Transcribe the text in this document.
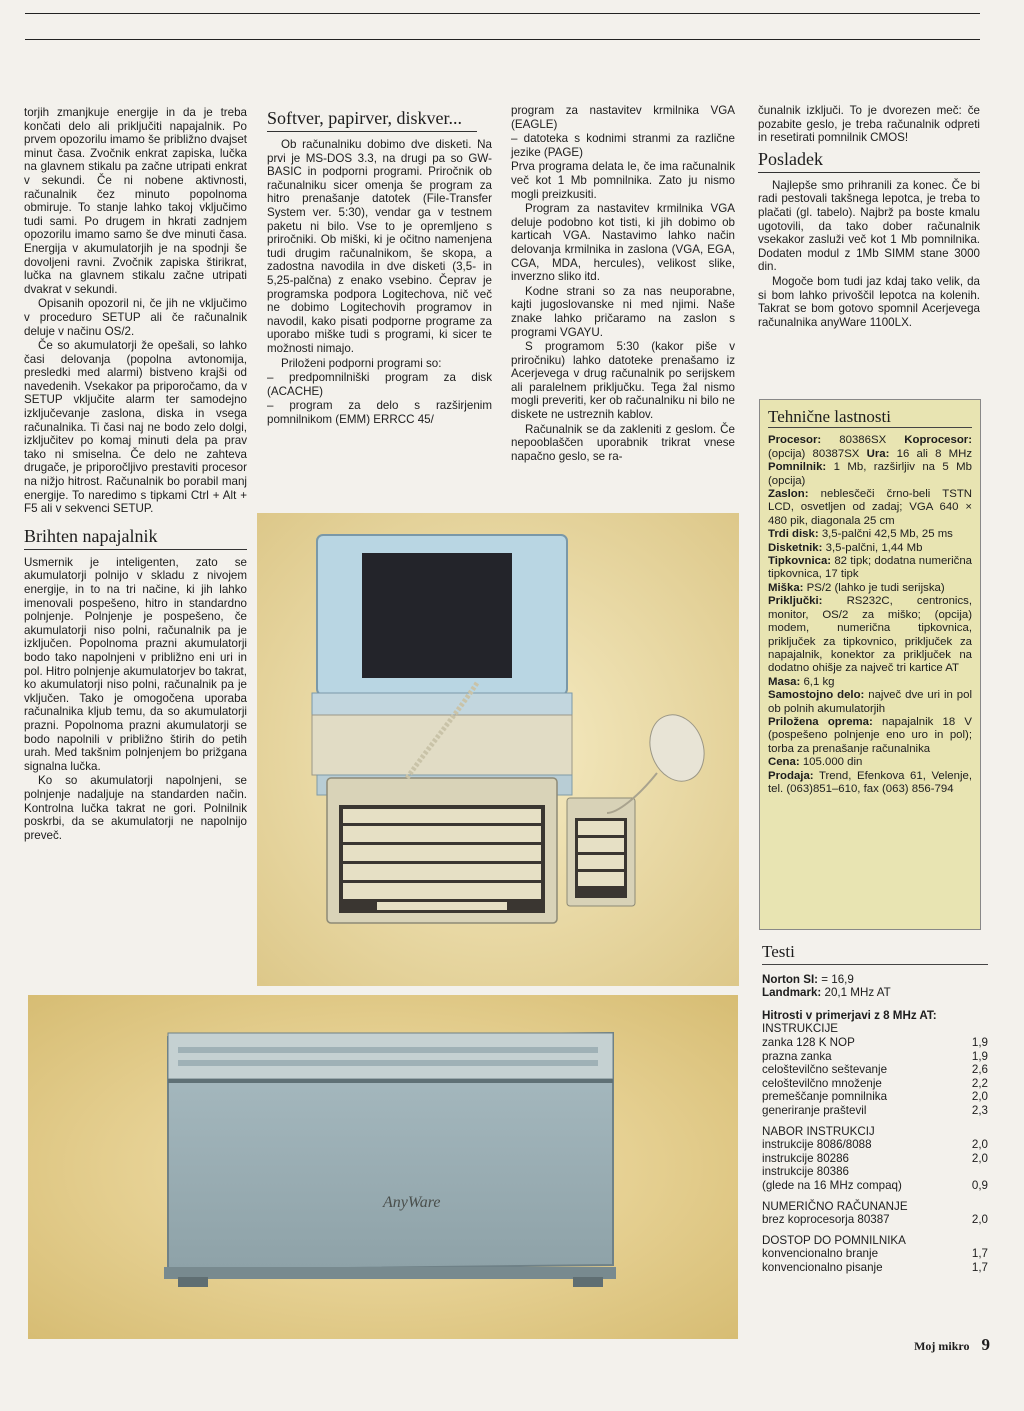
torjih zmanjkuje energije in da je treba končati delo ali priključiti napajalnik. Po prvem opozorilu imamo še približno dvajset minut časa. Zvočnik enkrat zapiska, lučka na glavnem stikalu pa začne utripati enkrat v sekundi. Če ni nobene aktivnosti, računalnik čez minuto popolnoma obmiruje. To stanje lahko takoj vključimo tudi sami. Po drugem in hkrati zadnjem opozorilu imamo samo še dve minuti časa. Energija v akumulatorjih je na spodnji še dovoljeni ravni. Zvočnik zapiska štirikrat, lučka na glavnem stikalu začne utripati dvakrat v sekundi.

Opisanih opozoril ni, če jih ne vključimo v proceduro SETUP ali če računalnik deluje v načinu OS/2.

Če so akumulatorji že opešali, so lahko časi delovanja (popolna avtonomija, presledki med alarmi) bistveno krajši od navedenih. Vsekakor pa priporočamo, da v SETUP vključite alarm ter samodejno izključevanje zaslona, diska in vsega računalnika. Ti časi naj ne bodo zelo dolgi, izključitev po komaj minuti dela pa prav tako ni smiselna. Če delo ne zahteva drugače, je priporočljivo prestaviti procesor na nižjo hitrost. Računalnik bo porabil manj energije. To naredimo s tipkami Ctrl + Alt + F5 ali v sekvenci SETUP.

Brihten napajalnik

Usmernik je inteligenten, zato se akumulatorji polnijo v skladu z nivojem energije, in to na tri načine, ki jih lahko imenovali pospešeno, hitro in standardno polnjenje. Polnjenje je pospešeno, če akumulatorji niso polni, računalnik pa je izključen. Popolnoma prazni akumulatorji bodo tako napolnjeni v približno eni uri in pol. Hitro polnjenje akumulatorjev bo takrat, ko akumulatorji niso polni, računalnik pa je vključen. Tako je omogočena uporaba računalnika kljub temu, da so akumulatorji prazni. Popolnoma prazni akumulatorji se bodo napolnili v približno štirih do petih urah. Med takšnim polnjenjem bo prižgana signalna lučka.

Ko so akumulatorji napolnjeni, se polnjenje nadaljuje na standarden način. Kontrolna lučka takrat ne gori. Polnilnik poskrbi, da se akumulatorji ne napolnijo preveč.

Softver, papirver, diskver...

Ob računalniku dobimo dve disketi. Na prvi je MS-DOS 3.3, na drugi pa so GW-BASIC in podporni programi. Priročnik ob računalniku sicer omenja še program za hitro prenašanje datotek (File-Transfer System ver. 5:30), vendar ga v testnem paketu ni bilo. Vse to je opremljeno s priročniki. Ob miški, ki je očitno namenjena tudi drugim računalnikom, še skopa, a zadostna navodila in dve disketi (3,5- in 5,25-palčna) z enako vsebino. Čeprav je programska podpora Logitechova, nič več ne dobimo Logitechovih programov in navodil, kako pisati podporne programe za uporabo miške tudi s programi, ki sicer te možnosti nimajo.

Priloženi podporni programi so:

– predpomnilniški program za disk (ACACHE)

– program za delo s razširjenim pomnilnikom (EMM) ERRCC 45/

program za nastavitev krmilnika VGA (EAGLE)

– datoteka s kodnimi stranmi za različne jezike (PAGE)

Prva programa delata le, če ima računalnik več kot 1 Mb pomnilnika. Zato ju nismo mogli preizkusiti.

Program za nastavitev krmilnika VGA deluje podobno kot tisti, ki jih dobimo ob karticah VGA. Nastavimo lahko način delovanja krmilnika in zaslona (VGA, EGA, CGA, MDA, hercules), velikost slike, inverzno sliko itd.

Kodne strani so za nas neuporabne, kajti jugoslovanske ni med njimi. Naše znake lahko pričaramo na zaslon s programi VGAYU.

S programom 5:30 (kakor piše v priročniku) lahko datoteke prenašamo iz Acerjevega v drug računalnik po serijskem ali paralelnem priključku. Tega žal nismo mogli preveriti, ker ob računalniku ni bilo ne diskete ne ustreznih kablov.

Računalnik se da zakleniti z geslom. Če nepooblaščen uporabnik trikrat vnese napačno geslo, se ra-

čunalnik izključi. To je dvorezen meč: če pozabite geslo, je treba računalnik odpreti in resetirati pomnilnik CMOS!

Posladek

Najlepše smo prihranili za konec. Če bi radi pestovali takšnega lepotca, je treba to plačati (gl. tabelo). Najbrž pa boste kmalu ugotovili, da tako dober računalnik vsekakor zasluži več kot 1 Mb pomnilnika. Dodaten modul z 1Mb SIMM stane 3000 din.

Mogoče bom tudi jaz kdaj tako velik, da si bom lahko privoščil lepotca na kolenih. Takrat se bom gotovo spomnil Acerjevega računalnika anyWare 1100LX.

AnyWare
Tehnične lastnosti

Procesor: 80386SX Koprocesor: (opcija) 80387SX Ura: 16 ali 8 MHz Pomnilnik: 1 Mb, razširljiv na 5 Mb (opcija)
Zaslon: neblesčeči črno-beli TSTN LCD, osvetljen od zadaj; VGA 640 × 480 pik, diagonala 25 cm
Trdi disk: 3,5-palčni 42,5 Mb, 25 ms
Disketnik: 3,5-palčni, 1,44 Mb
Tipkovnica: 82 tipk; dodatna numerična tipkovnica, 17 tipk
Miška: PS/2 (lahko je tudi serijska)
Priključki: RS232C, centronics, monitor, OS/2 za miško; (opcija) modem, numerična tipkovnica, priključek za tipkovnico, priključek za napajalnik, konektor za priključek na dodatno ohišje za največ tri kartice AT
Masa: 6,1 kg
Samostojno delo: največ dve uri in pol ob polnih akumulatorjih
Priložena oprema: napajalnik 18 V (pospešeno polnjenje eno uro in pol); torba za prenašanje računalnika
Cena: 105.000 din
Prodaja: Trend, Efenkova 61, Velenje, tel. (063)851–610, fax (063) 856-794

Testi
Norton SI: = 16,9
Landmark: 20,1 MHz AT
Hitrosti v primerjavi z 8 MHz AT:
INSTRUKCIJE
zanka 128 K NOP	1,9
prazna zanka	1,9
celoštevilčno seštevanje	2,6
celoštevilčno množenje	2,2
premeščanje pomnilnika	2,0
generiranje praštevil	2,3
NABOR INSTRUKCIJ
instrukcije 8086/8088	2,0
instrukcije 80286	2,0
instrukcije 80386
(glede na 16 MHz compaq)	0,9
NUMERIČNO RAČUNANJE
brez koprocesorja 80387	2,0
DOSTOP DO POMNILNIKA
konvencionalno branje	1,7
konvencionalno pisanje	1,7
Moj mikro 9
